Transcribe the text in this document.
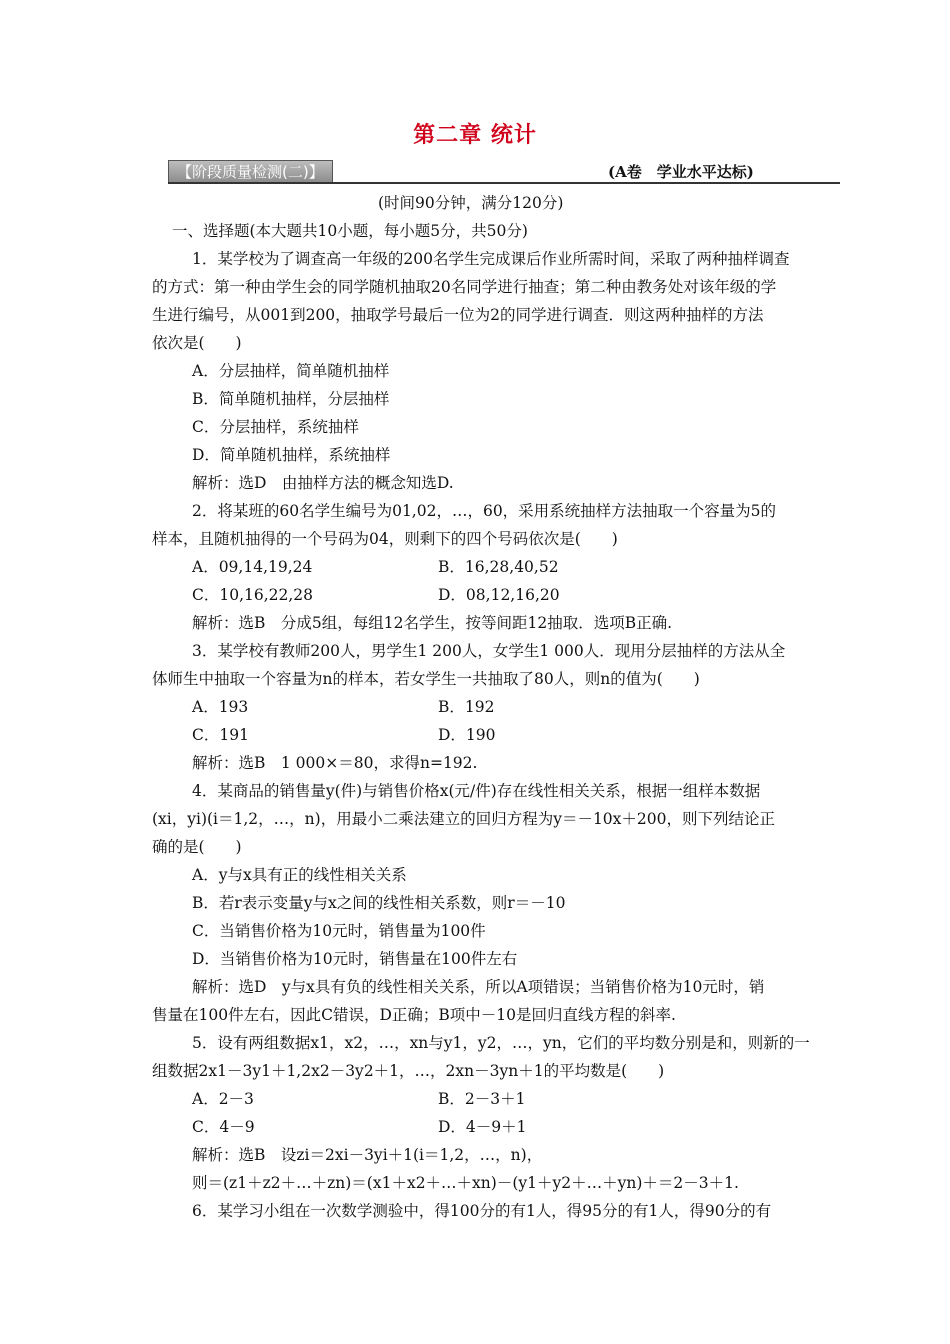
第二章 统计
【阶段质量检测(二)】	(A卷　学业水平达标)
(时间90分钟，满分120分)
一、选择题(本大题共10小题，每小题5分，共50分)
1．某学校为了调查高一年级的200名学生完成课后作业所需时间，采取了两种抽样调查
的方式：第一种由学生会的同学随机抽取20名同学进行抽查；第二种由教务处对该年级的学
生进行编号，从001到200，抽取学号最后一位为2的同学进行调查．则这两种抽样的方法
依次是(　　)
A．分层抽样，简单随机抽样
B．简单随机抽样，分层抽样
C．分层抽样，系统抽样
D．简单随机抽样，系统抽样
解析：选D　由抽样方法的概念知选D.
2．将某班的60名学生编号为01,02，…，60，采用系统抽样方法抽取一个容量为5的
样本，且随机抽得的一个号码为04，则剩下的四个号码依次是(　　)
A．09,14,19,24	B．16,28,40,52
C．10,16,22,28	D．08,12,16,20
解析：选B　分成5组，每组12名学生，按等间距12抽取．选项B正确.
3．某学校有教师200人，男学生1 200人，女学生1 000人．现用分层抽样的方法从全
体师生中抽取一个容量为n的样本，若女学生一共抽取了80人，则n的值为(　　)
A．193	B．192
C．191	D．190
解析：选B　1 000×＝80，求得n=192.
4．某商品的销售量y(件)与销售价格x(元/件)存在线性相关关系，根据一组样本数据
(xi，yi)(i＝1,2，…，n)，用最小二乘法建立的回归方程为y＝－10x＋200，则下列结论正
确的是(　　)
A．y与x具有正的线性相关关系
B．若r表示变量y与x之间的线性相关系数，则r＝－10
C．当销售价格为10元时，销售量为100件
D．当销售价格为10元时，销售量在100件左右
解析：选D　y与x具有负的线性相关关系，所以A项错误；当销售价格为10元时，销
售量在100件左右，因此C错误，D正确；B项中－10是回归直线方程的斜率.
5．设有两组数据x1，x2，…，xn与y1，y2，…，yn，它们的平均数分别是和，则新的一
组数据2x1－3y1＋1,2x2－3y2＋1，…，2xn－3yn＋1的平均数是(　　)
A．2－3	B．2－3＋1
C．4－9	D．4－9＋1
解析：选B　设zi＝2xi－3yi＋1(i＝1,2，…，n)，
则＝(z1＋z2＋…＋zn)＝(x1＋x2＋…＋xn)－(y1＋y2＋…＋yn)＋＝2－3＋1.
6．某学习小组在一次数学测验中，得100分的有1人，得95分的有1人，得90分的有
